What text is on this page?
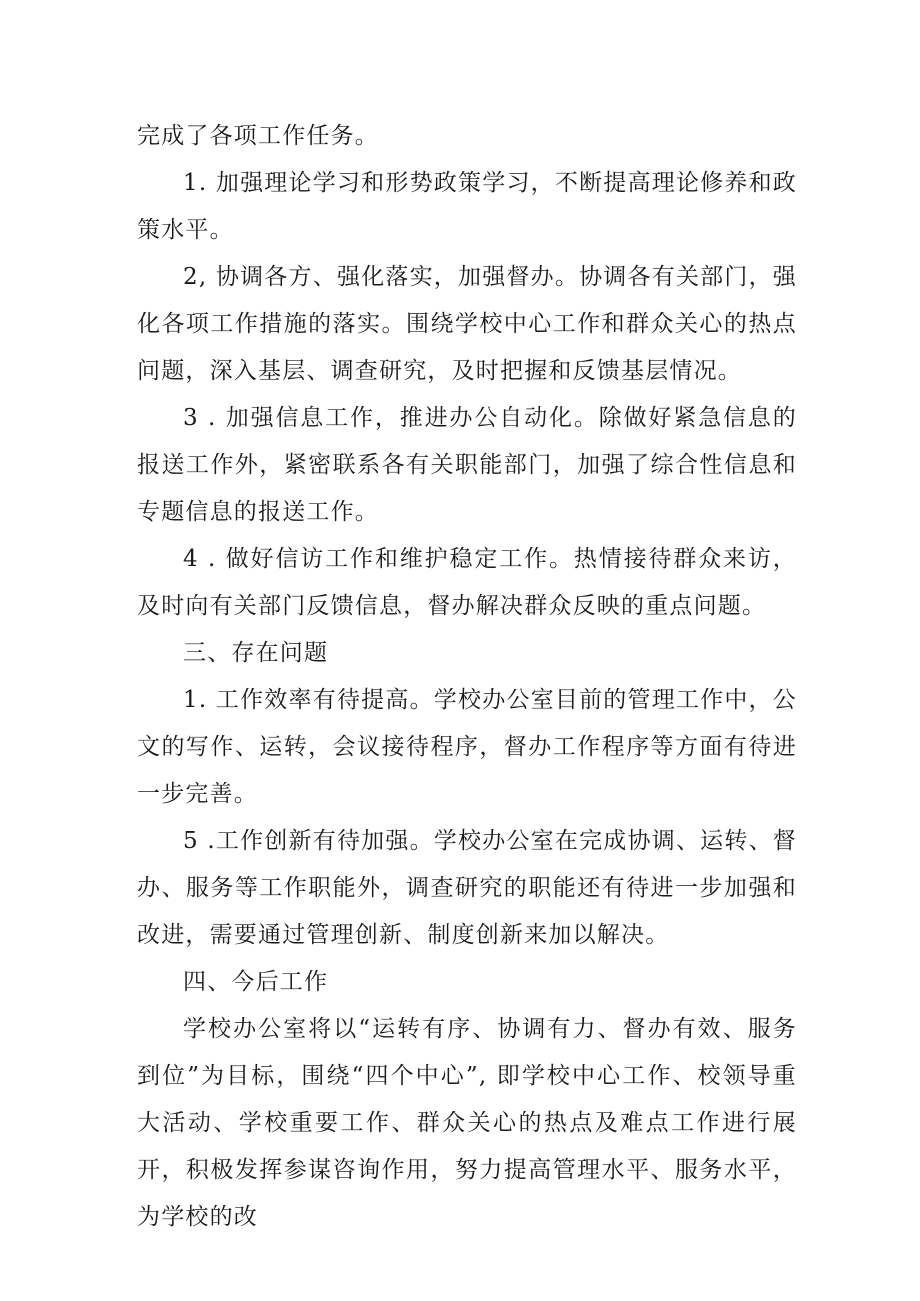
完成了各项工作任务。

1. 加强理论学习和形势政策学习，不断提高理论修养和政策水平。

2, 协调各方、强化落实，加强督办。协调各有关部门，强化各项工作措施的落实。围绕学校中心工作和群众关心的热点问题，深入基层、调查研究，及时把握和反馈基层情况。

3 . 加强信息工作，推进办公自动化。除做好紧急信息的报送工作外，紧密联系各有关职能部门，加强了综合性信息和专题信息的报送工作。

4 . 做好信访工作和维护稳定工作。热情接待群众来访，及时向有关部门反馈信息，督办解决群众反映的重点问题。

三、存在问题

1. 工作效率有待提高。学校办公室目前的管理工作中，公文的写作、运转，会议接待程序，督办工作程序等方面有待进一步完善。

5 .工作创新有待加强。学校办公室在完成协调、运转、督办、服务等工作职能外，调查研究的职能还有待进一步加强和改进，需要通过管理创新、制度创新来加以解决。

四、今后工作

学校办公室将以“运转有序、协调有力、督办有效、服务到位”为目标，围绕“四个中心”, 即学校中心工作、校领导重大活动、学校重要工作、群众关心的热点及难点工作进行展开，积极发挥参谋咨询作用，努力提高管理水平、服务水平，为学校的改
